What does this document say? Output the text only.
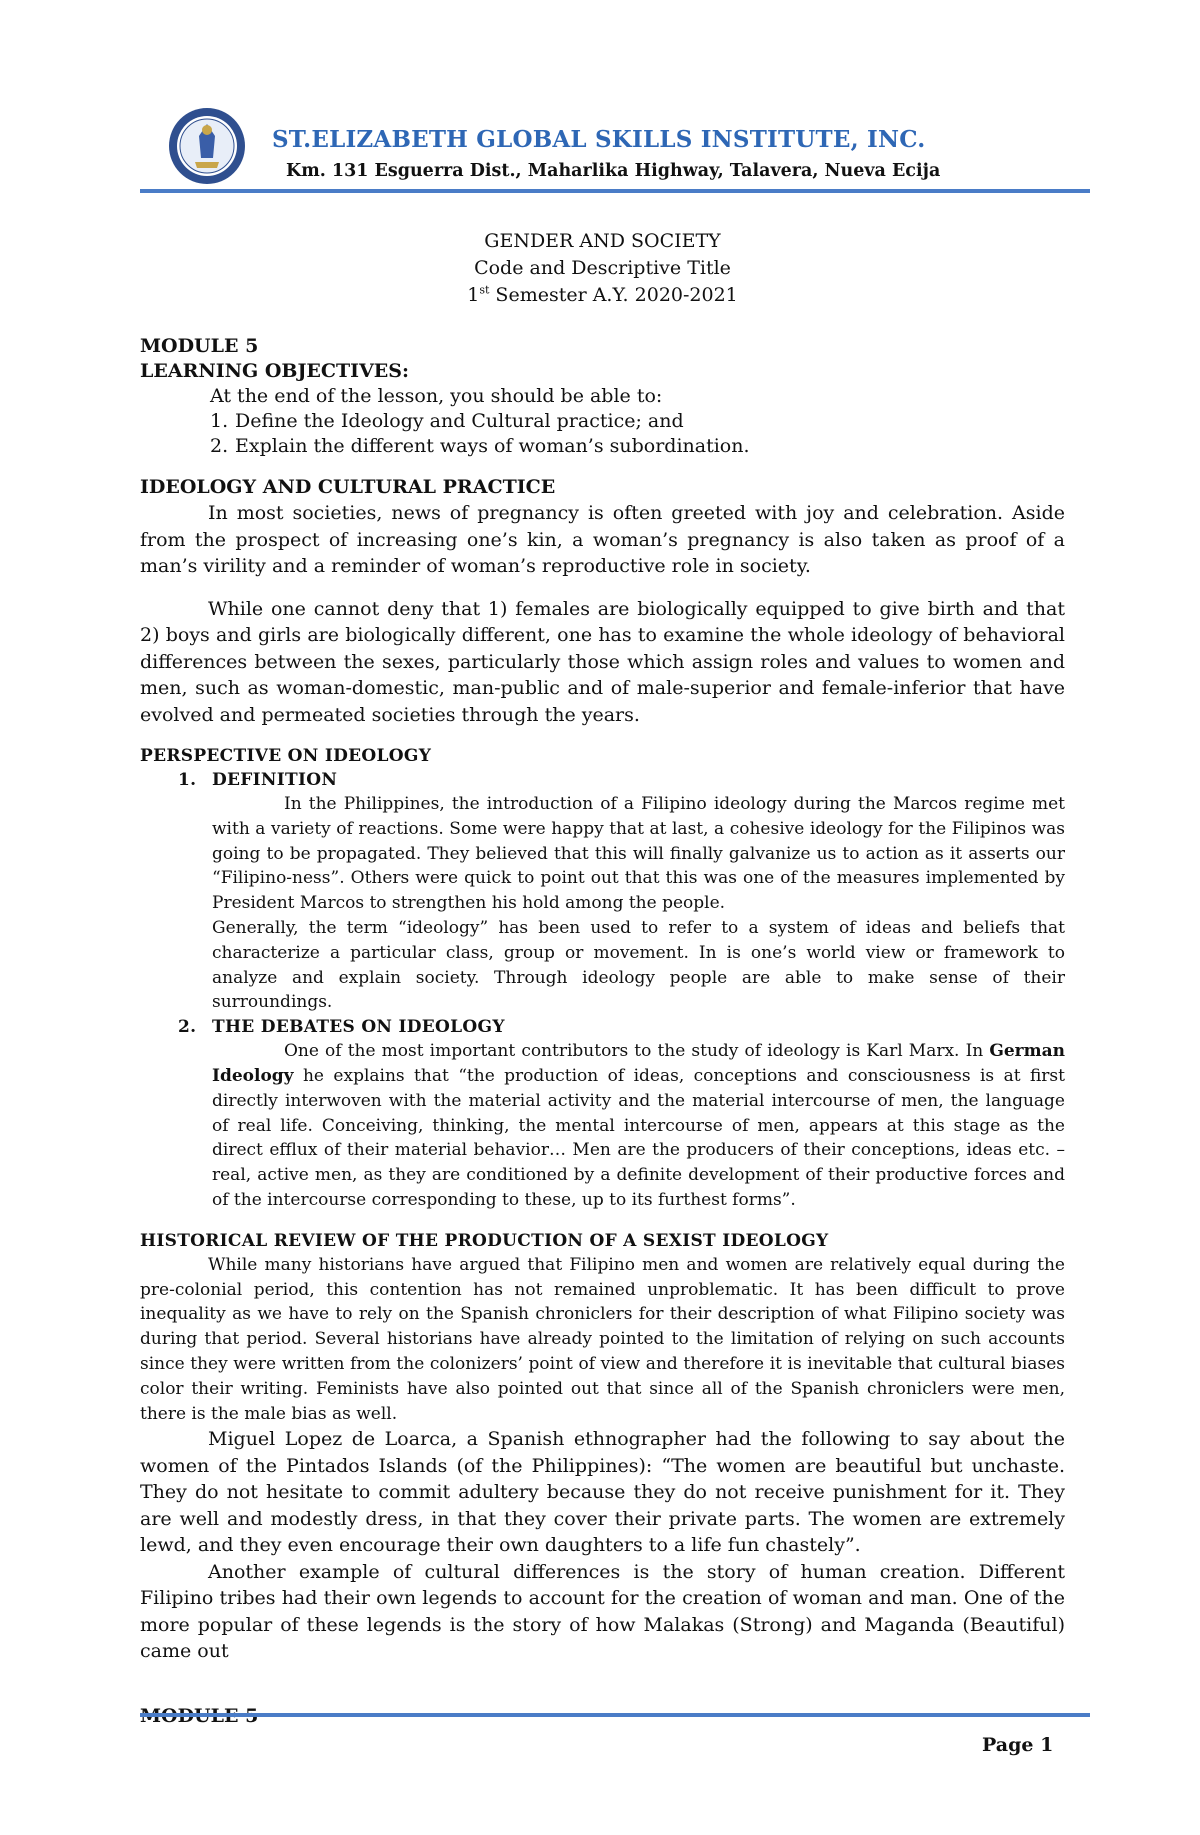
ST.ELIZABETH GLOBAL SKILLS INSTITUTE, INC.
Km. 131 Esguerra Dist., Maharlika Highway, Talavera, Nueva Ecija
GENDER AND SOCIETY
Code and Descriptive Title
1st Semester A.Y. 2020-2021
MODULE 5
LEARNING OBJECTIVES:
At the end of the lesson, you should be able to:
1. Define the Ideology and Cultural practice; and
2. Explain the different ways of woman’s subordination.
IDEOLOGY AND CULTURAL PRACTICE

In most societies, news of pregnancy is often greeted with joy and celebration. Aside from the prospect of increasing one’s kin, a woman’s pregnancy is also taken as proof of a man’s virility and a reminder of woman’s reproductive role in society.

While one cannot deny that 1) females are biologically equipped to give birth and that 2) boys and girls are biologically different, one has to examine the whole ideology of behavioral differences between the sexes, particularly those which assign roles and values to women and men, such as woman-domestic, man-public and of male-superior and female-inferior that have evolved and permeated societies through the years.

PERSPECTIVE ON IDEOLOGY
1. DEFINITION
In the Philippines, the introduction of a Filipino ideology during the Marcos regime met with a variety of reactions. Some were happy that at last, a cohesive ideology for the Filipinos was going to be propagated. They believed that this will finally galvanize us to action as it asserts our “Filipino-ness”. Others were quick to point out that this was one of the measures implemented by President Marcos to strengthen his hold among the people.
Generally, the term “ideology” has been used to refer to a system of ideas and beliefs that characterize a particular class, group or movement. In is one’s world view or framework to analyze and explain society. Through ideology people are able to make sense of their surroundings.
2. THE DEBATES ON IDEOLOGY
One of the most important contributors to the study of ideology is Karl Marx. In German Ideology he explains that “the production of ideas, conceptions and consciousness is at first directly interwoven with the material activity and the material intercourse of men, the language of real life. Conceiving, thinking, the mental intercourse of men, appears at this stage as the direct efflux of their material behavior… Men are the producers of their conceptions, ideas etc. – real, active men, as they are conditioned by a definite development of their productive forces and of the intercourse corresponding to these, up to its furthest forms”.
HISTORICAL REVIEW OF THE PRODUCTION OF A SEXIST IDEOLOGY
While many historians have argued that Filipino men and women are relatively equal during the pre-colonial period, this contention has not remained unproblematic. It has been difficult to prove inequality as we have to rely on the Spanish chroniclers for their description of what Filipino society was during that period. Several historians have already pointed to the limitation of relying on such accounts since they were written from the colonizers’ point of view and therefore it is inevitable that cultural biases color their writing. Feminists have also pointed out that since all of the Spanish chroniclers were men, there is the male bias as well.

Miguel Lopez de Loarca, a Spanish ethnographer had the following to say about the women of the Pintados Islands (of the Philippines): “The women are beautiful but unchaste. They do not hesitate to commit adultery because they do not receive punishment for it. They are well and modestly dress, in that they cover their private parts. The women are extremely lewd, and they even encourage their own daughters to a life fun chastely”.

Another example of cultural differences is the story of human creation. Different Filipino tribes had their own legends to account for the creation of woman and man. One of the more popular of these legends is the story of how Malakas (Strong) and Maganda (Beautiful) came out

Page 1
